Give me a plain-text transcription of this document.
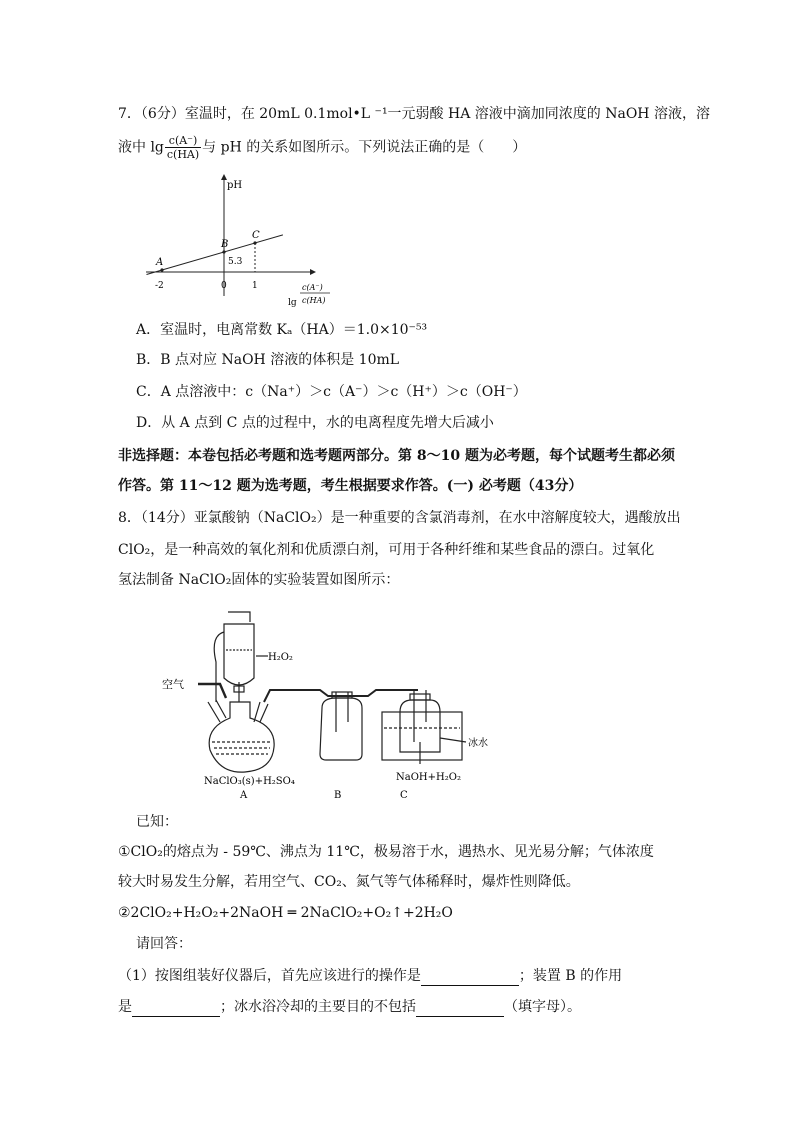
7．（6分）室温时，在 20mL 0.1mol•L ⁻¹一元弱酸 HA 溶液中滴加同浓度的 NaOH 溶液，溶
液中 $\lg \frac{c(A^-)}{c(HA)}$ 与 pH 的关系如图所示。下列说法正确的是（　　）
pH
A
-2
B
0
C
1
5.3
lg
c(A⁻)
c(HA)
A．室温时，电离常数 Kₐ（HA）＝1.0×10⁻⁵³
B．B 点对应 NaOH 溶液的体积是 10mL
C．A 点溶液中：c（Na⁺）＞c（A⁻）＞c（H⁺）＞c（OH⁻）
D．从 A 点到 C 点的过程中，水的电离程度先增大后减小
非选择题：本卷包括必考题和选考题两部分。第 8～10 题为必考题，每个试题考生都必须
作答。第 11～12 题为选考题，考生根据要求作答。(一) 必考题（43分）
8．（14分）亚氯酸钠（NaClO₂）是一种重要的含氯消毒剂，在水中溶解度较大，遇酸放出
ClO₂，是一种高效的氧化剂和优质漂白剂，可用于各种纤维和某些食品的漂白。过氧化
氢法制备 NaClO₂固体的实验装置如图所示：
H₂O₂
空气
冰水
NaClO₃(s)+H₂SO₄	NaOH+H₂O₂
A	B	C
已知：
①ClO₂的熔点为 - 59℃、沸点为 11℃，极易溶于水，遇热水、见光易分解；气体浓度
较大时易发生分解，若用空气、CO₂、氮气等气体稀释时，爆炸性则降低。
②2ClO₂+H₂O₂+2NaOH ═ 2NaClO₂+O₂↑+2H₂O
请回答：
（1）按图组装好仪器后，首先应该进行的操作是	；装置 B 的作用
是	；冰水浴冷却的主要目的不包括	（填字母）。
